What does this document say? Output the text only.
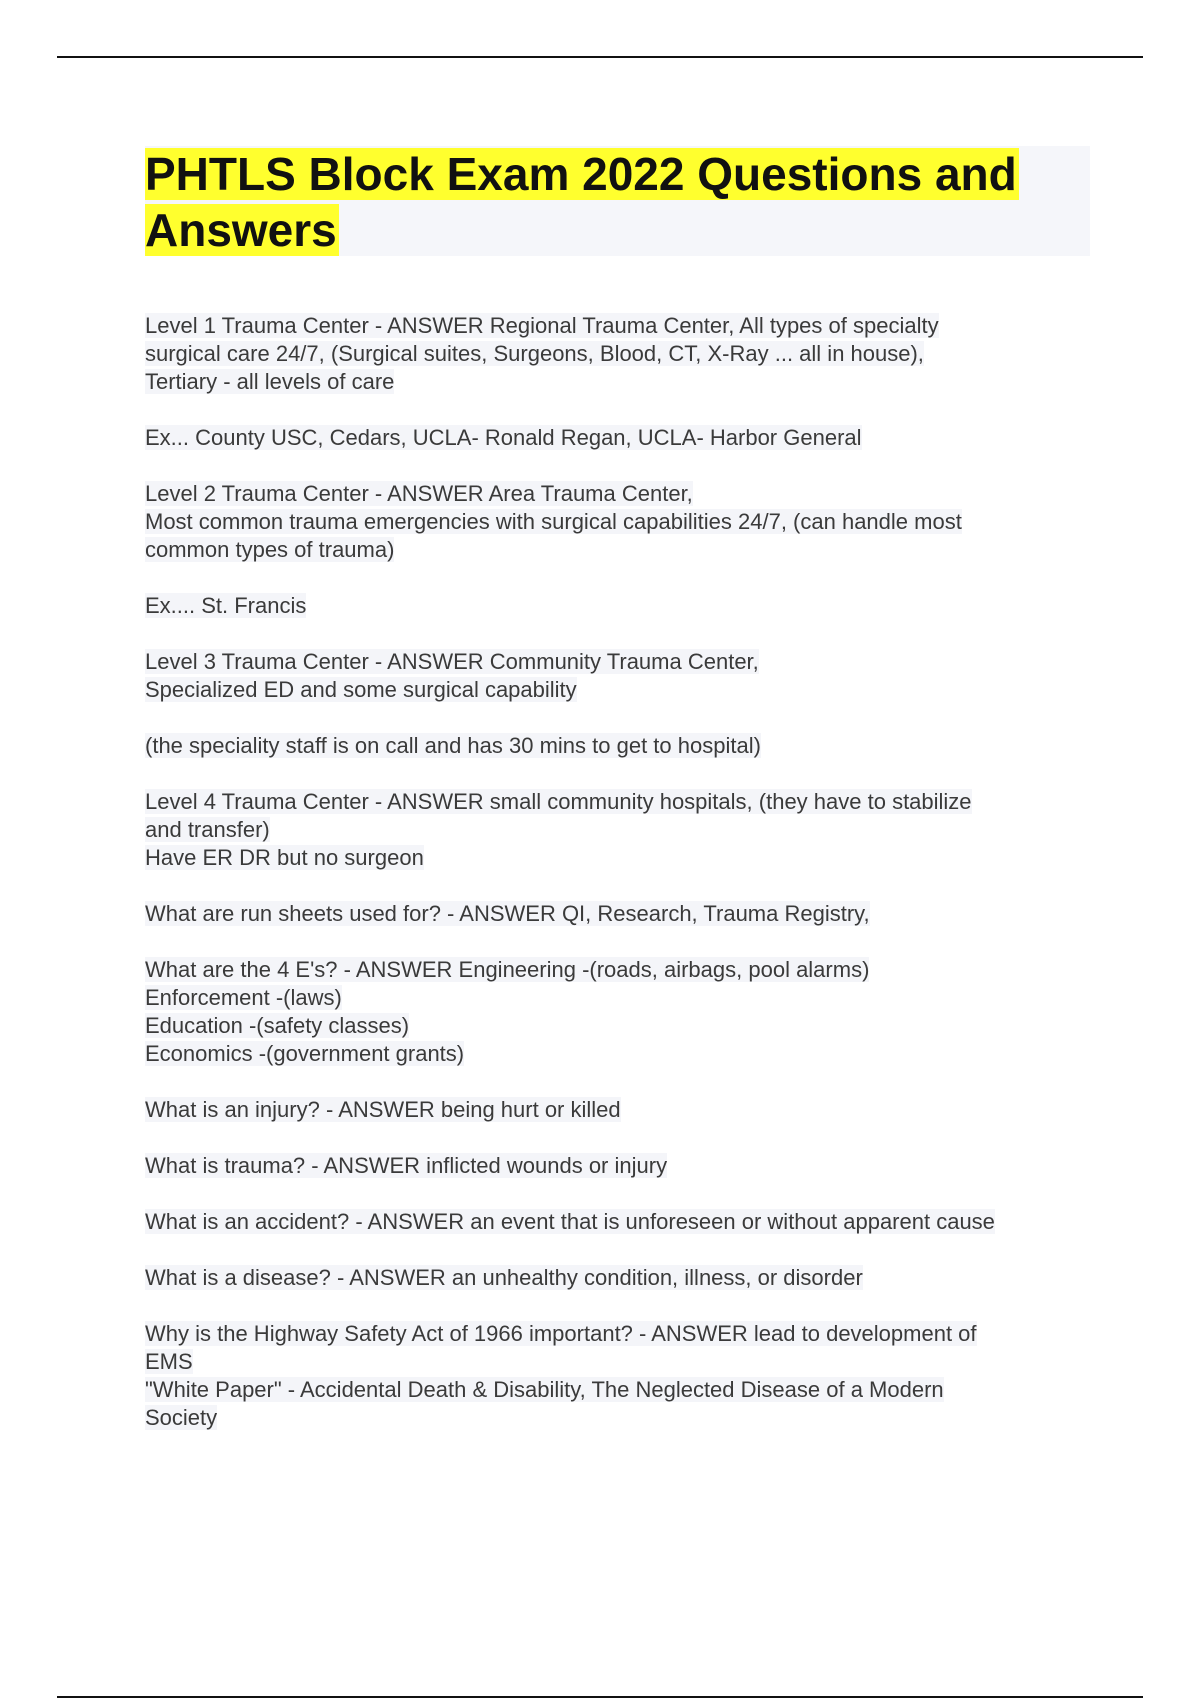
PHTLS Block Exam 2022 Questions and
Answers
Level 1 Trauma Center - ANSWER Regional Trauma Center, All types of specialty
surgical care 24/7, (Surgical suites, Surgeons, Blood, CT, X-Ray ... all in house),
Tertiary - all levels of care
Ex... County USC, Cedars, UCLA- Ronald Regan, UCLA- Harbor General
Level 2 Trauma Center - ANSWER Area Trauma Center,
Most common trauma emergencies with surgical capabilities 24/7, (can handle most
common types of trauma)
Ex.... St. Francis
Level 3 Trauma Center - ANSWER Community Trauma Center,
Specialized ED and some surgical capability
(the speciality staff is on call and has 30 mins to get to hospital)
Level 4 Trauma Center - ANSWER small community hospitals, (they have to stabilize
and transfer)
Have ER DR but no surgeon
What are run sheets used for? - ANSWER QI, Research, Trauma Registry,
What are the 4 E's? - ANSWER Engineering -(roads, airbags, pool alarms)
Enforcement -(laws)
Education -(safety classes)
Economics -(government grants)
What is an injury? - ANSWER being hurt or killed
What is trauma? - ANSWER inflicted wounds or injury
What is an accident? - ANSWER an event that is unforeseen or without apparent cause
What is a disease? - ANSWER an unhealthy condition, illness, or disorder
Why is the Highway Safety Act of 1966 important? - ANSWER lead to development of
EMS
"White Paper" - Accidental Death & Disability, The Neglected Disease of a Modern
Society
